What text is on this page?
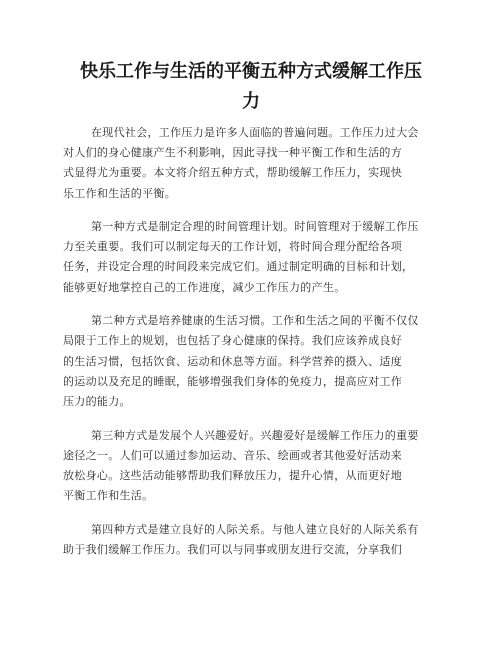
快乐工作与生活的平衡五种方式缓解工作压
力
在现代社会，工作压力是许多人面临的普遍问题。工作压力过大会
对人们的身心健康产生不利影响，因此寻找一种平衡工作和生活的方
式显得尤为重要。本文将介绍五种方式，帮助缓解工作压力，实现快
乐工作和生活的平衡。
第一种方式是制定合理的时间管理计划。时间管理对于缓解工作压
力至关重要。我们可以制定每天的工作计划，将时间合理分配给各项
任务，并设定合理的时间段来完成它们。通过制定明确的目标和计划，
能够更好地掌控自己的工作进度，减少工作压力的产生。
第二种方式是培养健康的生活习惯。工作和生活之间的平衡不仅仅
局限于工作上的规划，也包括了身心健康的保持。我们应该养成良好
的生活习惯，包括饮食、运动和休息等方面。科学营养的摄入、适度
的运动以及充足的睡眠，能够增强我们身体的免疫力，提高应对工作
压力的能力。
第三种方式是发展个人兴趣爱好。兴趣爱好是缓解工作压力的重要
途径之一。人们可以通过参加运动、音乐、绘画或者其他爱好活动来
放松身心。这些活动能够帮助我们释放压力，提升心情，从而更好地
平衡工作和生活。
第四种方式是建立良好的人际关系。与他人建立良好的人际关系有
助于我们缓解工作压力。我们可以与同事或朋友进行交流，分享我们
